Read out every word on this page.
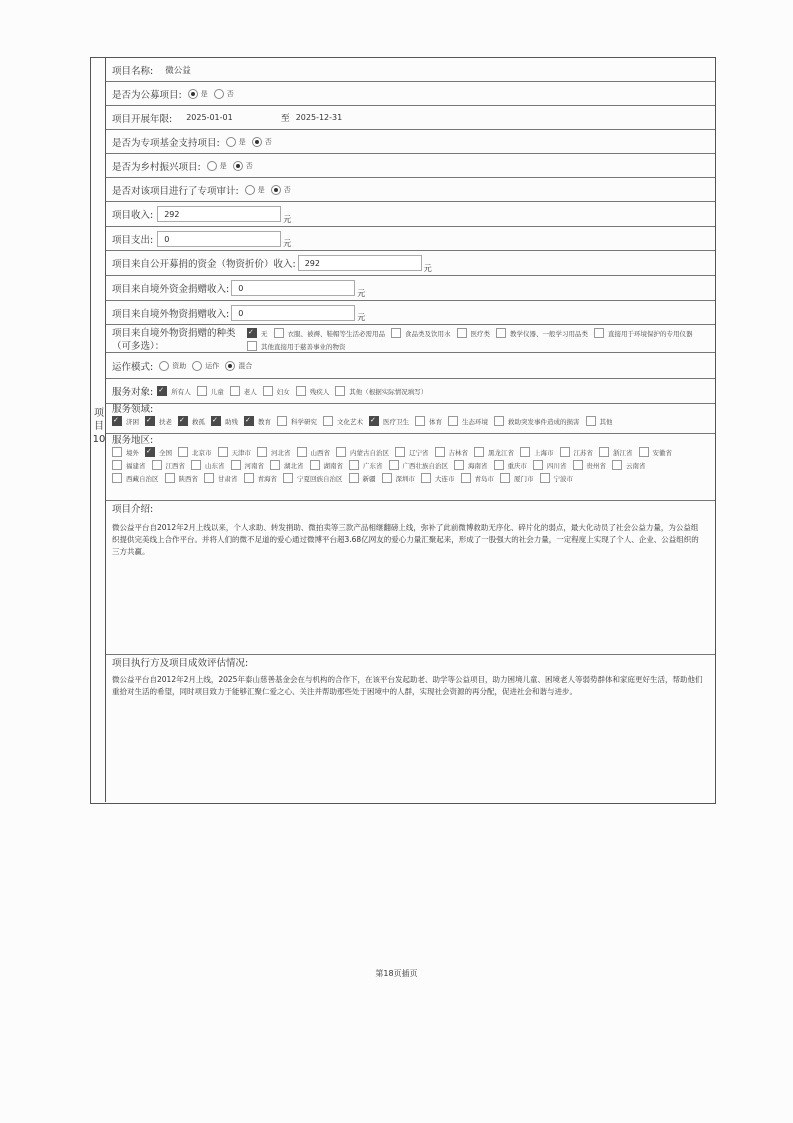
项目10
项目名称: 微公益
是否为公募项目:	是	否
项目开展年限: 2025-01-01	至 2025-12-31
是否为专项基金支持项目:	是	否
是否为乡村振兴项目:	是	否
是否对该项目进行了专项审计:	是	否
项目收入:	292	元
项目支出:	0	元
项目来自公开募捐的资金（物资折价）收入:	292	元
项目来自境外资金捐赠收入:	0	元
项目来自境外物资捐赠收入:	0	元
项目来自境外物资捐赠的种类
（可多选）：
✓
无	衣服、被褥、鞋帽等生活必需用品	食品类及饮用水	医疗类	教学仪器、一般学习用品类	直接用于环境保护的专用仪器
其他直接用于慈善事业的物资
运作模式:	资助	运作	混合
服务对象: ✓	所有人	儿童	老人	妇女	残疾人	其他（根据实际情况填写）
服务领域:
✓
济困 ✓	扶老 ✓	救孤 ✓	助残 ✓	教育	科学研究	文化艺术 ✓	医疗卫生	体育	生态环境	救助突发事件造成的损害	其他
服务地区:
境外 ✓	全国	北京市	天津市	河北省	山西省	内蒙古自治区	辽宁省	吉林省	黑龙江省	上海市	江苏省	浙江省	安徽省
福建省	江西省	山东省	河南省	湖北省	湖南省	广东省	广西壮族自治区	海南省	重庆市	四川省	贵州省	云南省
西藏自治区	陕西省	甘肃省	青海省	宁夏回族自治区	新疆	深圳市	大连市	青岛市	厦门市	宁波市
项目介绍:
微公益平台自2012年2月上线以来，个人求助、转发捐助、微拍卖等三款产品相继翻磅上线，弥补了此前微博救助无序化、碎片化的弱点，最大化动员了社会公益力量，为公益组织提供完美线上合作平台。并将人们的微不足道的爱心通过微博平台超3.68亿网友的爱心力量汇聚起来，形成了一股强大的社会力量，一定程度上实现了个人、企业、公益组织的三方共赢。
项目执行方及项目成效评估情况:
微公益平台自2012年2月上线，2025年泰山慈善基金会在与机构的合作下，在该平台发起助老、助学等公益项目，助力困境儿童、困境老人等弱势群体和家庭更好生活，帮助他们重拾对生活的希望，同时项目致力于能够汇聚仁爱之心、关注并帮助那些处于困境中的人群，实现社会资源的再分配，促进社会和谐与进步。
第18页插页
